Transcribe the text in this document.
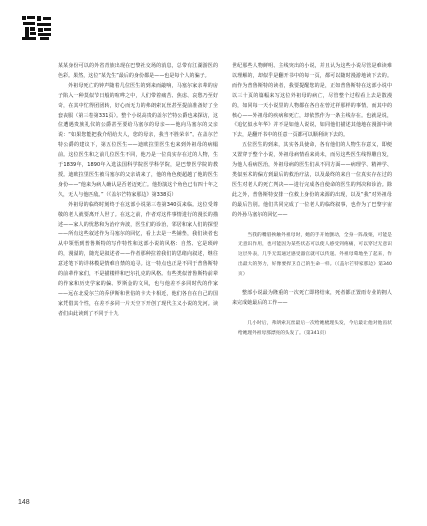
某某身份可以的外省青族出现在巴黎社交场的消息，总带有江湖游医的色彩。果然，这位“某先生”最后的身份都是——也是每个人的骗子。

外祖母死亡的钟声随着几位医生的到来而敲响，马塞尔家亲辈的房子陷入一种莫似节日般的喧哗之中，人们带着痛苦、焦虑、哀愁乃至好奇，在其中忙得团团转，好心而无力的弗朗索瓦丝甚至提前准备好了全套丧服（第三卷第331页）。整个小说高贵的盖尔芒特公爵也来探访，这位遭遇贵族礼仪的公爵甚至要给马塞尔的母亲——他向马塞尔的父亲说：“如果您能把我介绍给夫人，您的母亲，我当不胜荣幸”。在盖尔芒特公爵的建议下，第五位医生——迪欧拉里医生也来到外祖母的病榻前。这位医生和之前几位医生不同，他乃是一位真实存在过的人物，生于1839年，1890年入选法国科学院医学科学院，是巴黎医学院的教授。迪欧拉里医生被马塞尔的父亲请来了，他的角色便超越了他的医生身份——“他来为病人确认是否老迈死亡。他扮演这个角色已有四十年之久，无人与他匹敌。”（《盖尔芒特家那边》第338页）

外祖母的临终时刻终于在这部小说第三卷第340页来临。这位受尊敬的老人就要离开人世了。在这之前，作者对这件事情进行的漫长的描述——家人的忧愁和为治疗奔波，医生们的诊治，邻居和家人们的探望——所有这些叙述作为马塞尔的回忆，看上去是一些铺垫，我们读者也从中领悟到普鲁斯特的写作特性和这部小说的风格：自然、它是琐碎的，漫溢的，随光是叙述者——作者那种拉着我们的思绪向叙述，继往意述笔下的详林模是情难自禁的追寻。这一特点也正是不同于普鲁斯特的前辈作家们，不是描楼样和巴尔扎克的风格。有些类似普鲁斯特前辈的作家和历史学家的偏、罗斯金的文风，也与他差不多同时代的作家——远在北爱尔兰的乔伊斯和世俗的卡夫卡相近，他们各自在自己的国家凭借其个性，在差不多同一片天空下开创了现代主义小说的先河。读者们由此读到了不同于十九

世纪那些人物鲜明、主线突出的小说，并且认为这些小说尽管是难读难以理解的，却似乎是翻开书中的每一页，都可以随时漫游地读下去的。而作为普鲁斯特的读者，我要提醒您的是，正如普鲁斯特在这部小说中以三十页的篇幅来写这位外祖母的病亡，尽管整个过程看上去是散漫的，如同每一天小说里的人物都在各自在曾过祥那样的事情，而其中的核心——外祖母的疾病和死亡，却依然作为一条主线存在。也就是说，《追忆似水年华》并不是如他人说说，如同他们描述其他地在漫游中读下去，是翻开书中的任意一页都可以顺利读下去的。

五位医生的到来，其实各具使命，各有他们的人物生存意义，即便又置穿于整个小说，外祖母病情看来尚未，而另这些医生线得雕自发，为他人看病医治，外祖母病的医生们从不同方面——病理学、精神学、类似巫术的偏方到最后的救治疗法，以及最终的来自一位真实存在过的医生对老人的死亡判决——进行完成各自使命的医生的判决和诊治。除此之外，普鲁斯特安排一位救上身份的来源的出现，以及“我”对外祖母的最后告别。他们共同完成了一位老人的临终叙事，也作为了巴黎宇宙的外孙马塞尔的回忆——

当我的嘴唇挨触外祖母时，她的手开始颤动，全身一阵战栗，可能是无意识作用，也可能因为某些状态可以使人感受到疼痛，可以穿过无意识这层外表，几乎无需通过感受器官就可以传递。外祖母蓦地坐了起来，作出最大的努力，好像要捍卫自己的生命一样。（《盖尔芒特家那边》第340页）

整部小说最为隆重的一次死亡即将结束，死者都正置雨专业的拥人来完成她最后的工作——

几小时后，弗朗索瓦丝最后一次给她梳理头发，今后最让他对他齿状给她理外祖母那漂亮的头发了。（第341页）

148
